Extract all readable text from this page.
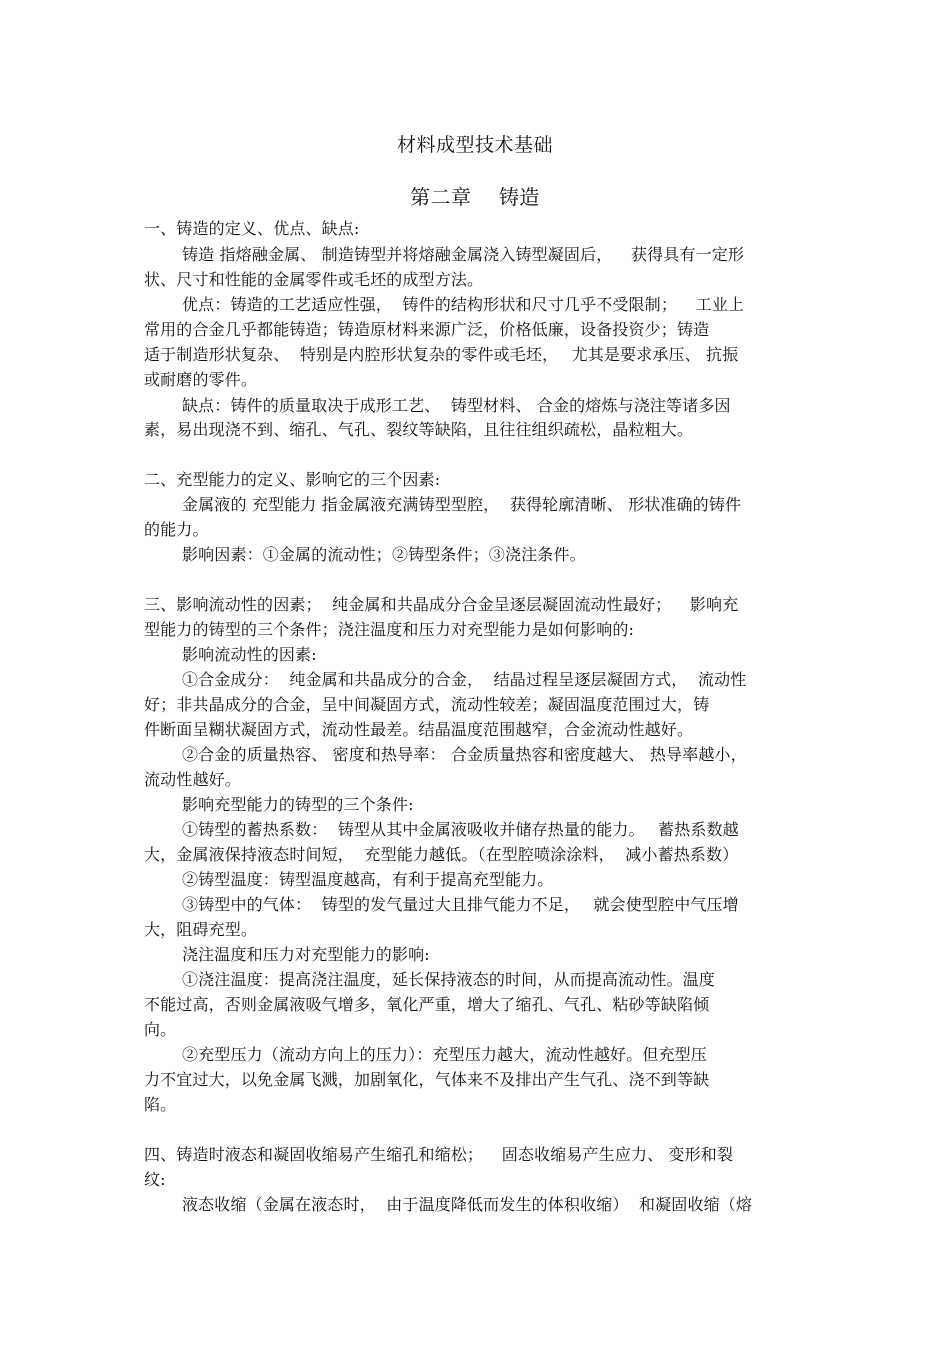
材料成型技术基础
第二章　 铸造
一、铸造的定义、优点、缺点:
铸造 指熔融金属、 制造铸型并将熔融金属浇入铸型凝固后，　  获得具有一定形
状、尺寸和性能的金属零件或毛坯的成型方法。
优点：铸造的工艺适应性强，  铸件的结构形状和尺寸几乎不受限制；　  工业上
常用的合金几乎都能铸造；铸造原材料来源广泛，价格低廉，设备投资少；铸造
适于制造形状复杂、  特别是内腔形状复杂的零件或毛坯，　 尤其是要求承压、 抗振
或耐磨的零件。
缺点：铸件的质量取决于成形工艺、  铸型材料、 合金的熔炼与浇注等诸多因
素，易出现浇不到、缩孔、气孔、裂纹等缺陷，且往往组织疏松，晶粒粗大。
二、充型能力的定义、影响它的三个因素:
金属液的 充型能力 指金属液充满铸型型腔，  获得轮廓清晰、 形状准确的铸件
的能力。
影响因素：①金属的流动性；②铸型条件；③浇注条件。
三、影响流动性的因素；  纯金属和共晶成分合金呈逐层凝固流动性最好；　  影响充
型能力的铸型的三个条件；浇注温度和压力对充型能力是如何影响的:
影响流动性的因素:
①合金成分：  纯金属和共晶成分的合金，  结晶过程呈逐层凝固方式，  流动性
好；非共晶成分的合金，呈中间凝固方式，流动性较差；凝固温度范围过大，铸
件断面呈糊状凝固方式，流动性最差。结晶温度范围越窄，合金流动性越好。
②合金的质量热容、 密度和热导率： 合金质量热容和密度越大、 热导率越小，
流动性越好。
影响充型能力的铸型的三个条件:
①铸型的蓄热系数：  铸型从其中金属液吸收并储存热量的能力。　 蓄热系数越
大，金属液保持液态时间短，  充型能力越低。（在型腔喷涂涂料，  减小蓄热系数）
②铸型温度：铸型温度越高，有利于提高充型能力。
③铸型中的气体：  铸型的发气量过大且排气能力不足，　 就会使型腔中气压增
大，阻碍充型。
浇注温度和压力对充型能力的影响:
①浇注温度：提高浇注温度，延长保持液态的时间，从而提高流动性。温度
不能过高，否则金属液吸气增多，氧化严重，增大了缩孔、气孔、粘砂等缺陷倾
向。
②充型压力（流动方向上的压力）：充型压力越大，流动性越好。但充型压
力不宜过大，以免金属飞溅，加剧氧化，气体来不及排出产生气孔、浇不到等缺
陷。
四、铸造时液态和凝固收缩易产生缩孔和缩松；　  固态收缩易产生应力、 变形和裂
纹:
液态收缩（金属在液态时，  由于温度降低而发生的体积收缩）  和凝固收缩（熔
